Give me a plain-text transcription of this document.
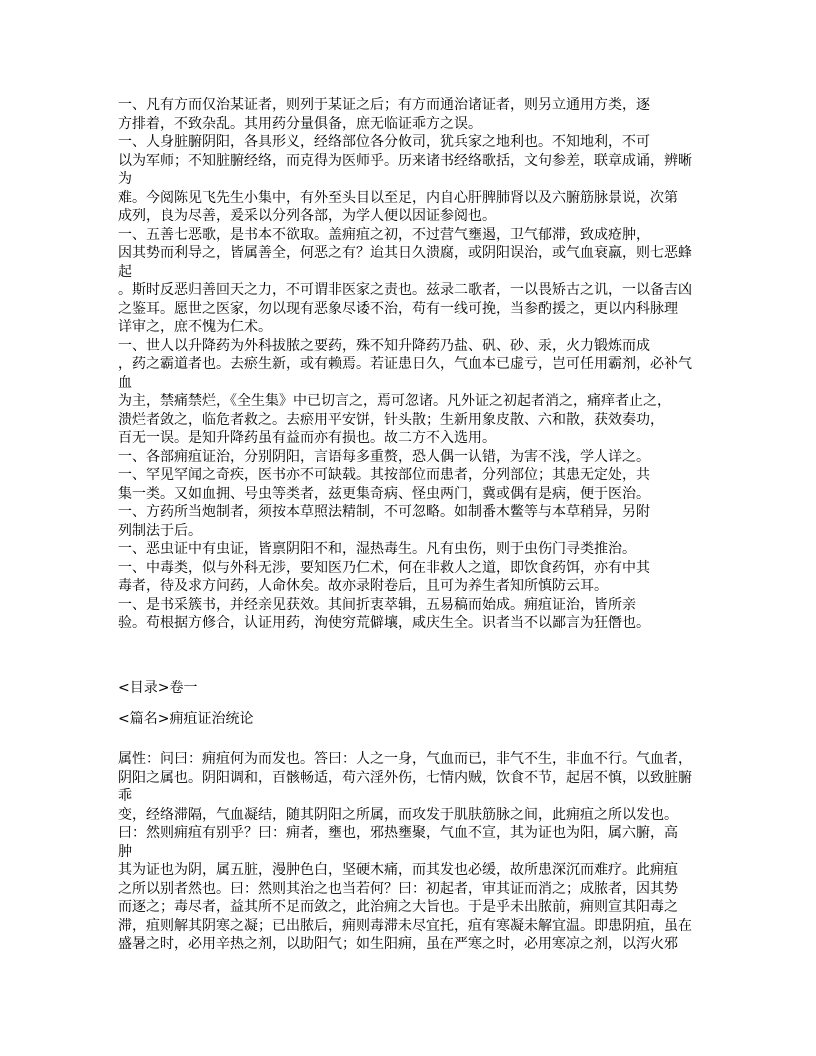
一、凡有方而仅治某证者，则列于某证之后；有方而通治诸证者，则另立通用方类，逐
方排着，不致杂乱。其用药分量俱备，庶无临证乖方之误。
一、人身脏腑阴阳，各具形义，经络部位各分攸司，犹兵家之地利也。不知地利，不可
以为军师；不知脏腑经络，而克得为医师乎。历来诸书经络歌括，文句参差，联章成诵，辨晰
为
难。今阅陈见飞先生小集中，有外至头目以至足，内自心肝脾肺肾以及六腑筋脉景说，次第
成列，良为尽善，爰采以分列各部，为学人便以因证参阅也。
一、五善七恶歌，是书本不欲取。盖痈疽之初，不过营气壅遏，卫气郁滞，致成疮肿，
因其势而利导之，皆属善全，何恶之有？迨其日久溃腐，或阴阳误治，或气血衰羸，则七恶蜂
起
。斯时反恶归善回天之力，不可谓非医家之责也。兹录二歌者，一以畏矫古之讥，一以备吉凶
之鉴耳。愿世之医家，勿以现有恶象尽诿不治，苟有一线可挽，当参酌援之，更以内科脉理
详审之，庶不愧为仁术。
一、世人以升降药为外科拔脓之要药，殊不知升降药乃盐、矾、砂、汞，火力锻炼而成
，药之霸道者也。去瘀生新，或有赖焉。若证患日久，气血本已虚亏，岂可任用霸剂，必补气
血
为主，禁痛禁烂，《全生集》中已切言之，焉可忽诸。凡外证之初起者消之，痛痒者止之，
溃烂者敛之，临危者救之。去瘀用平安饼，针头散；生新用象皮散、六和散，获效奏功，
百无一误。是知升降药虽有益而亦有损也。故二方不入选用。
一、各部痈疽证治，分别阴阳，言语每多重赘，恐人偶一认错，为害不浅，学人详之。
一、罕见罕闻之奇疾，医书亦不可缺载。其按部位而患者，分列部位；其患无定处，共
集一类。又如血拥、号虫等类者，兹更集奇病、怪虫两门，冀或偶有是病，便于医治。
一、方药所当炮制者，须按本草照法精制，不可忽略。如制番木鳖等与本草稍异，另附
列制法于后。
一、恶虫证中有虫证，皆禀阴阳不和，湿热毒生。凡有虫伤，则于虫伤门寻类推治。
一、中毒类，似与外科无涉，要知医乃仁术，何在非救人之道，即饮食药饵，亦有中其
毒者，待及求方问药，人命休矣。故亦录附卷后，且可为养生者知所慎防云耳。
一、是书采簇书，并经亲见获效。其间折衷萃辑，五易稿而始成。痈疽证治，皆所亲
验。苟根据方修合，认证用药，洵使穷荒僻壤，咸庆生全。识者当不以鄙言为狂僭也。
<目录>卷一
<篇名>痈疽证治统论
属性：问曰：痈疽何为而发也。答曰：人之一身，气血而已，非气不生，非血不行。气血者，
阴阳之属也。阴阳调和，百骸畅适，苟六淫外伤，七情内贼，饮食不节，起居不慎，以致脏腑
乖
变，经络滞隔，气血凝结，随其阴阳之所属，而攻发于肌肤筋脉之间，此痈疽之所以发也。
曰：然则痈疽有别乎？曰：痈者，壅也，邪热壅聚，气血不宣，其为证也为阳，属六腑，高
肿
其为证也为阴，属五脏，漫肿色白，坚硬木痛，而其发也必缓，故所患深沉而难疗。此痈疽
之所以别者然也。曰：然则其治之也当若何？曰：初起者，审其证而消之；成脓者，因其势
而逐之；毒尽者，益其所不足而敛之，此治痈之大旨也。于是乎未出脓前，痈则宣其阳毒之
滞，疽则解其阴寒之凝；已出脓后，痈则毒滞未尽宜托，疽有寒凝未解宜温。即患阴疽，虽在
盛暑之时，必用辛热之剂，以助阳气；如生阳痈，虽在严寒之时，必用寒凉之剂，以泻火邪
